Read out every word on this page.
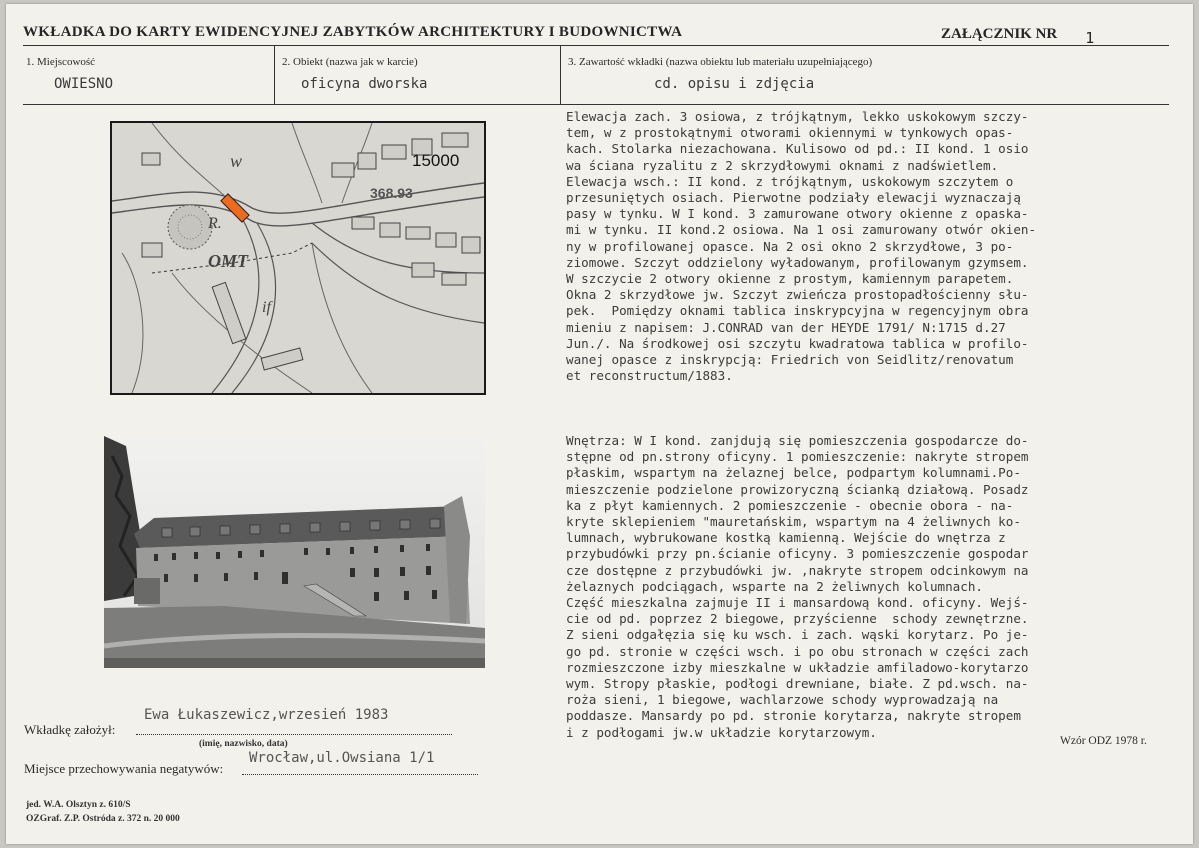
WKŁADKA DO KARTY EWIDENCYJNEJ ZABYTKÓW ARCHITEKTURY I BUDOWNICTWA	ZAŁĄCZNIK NR 1
1. Miejscowość
OWIESNO
2. Obiekt (nazwa jak w karcie)
oficyna dworska
3. Zawartość wkładki (nazwa obiektu lub materiału uzupełniającego)
cd. opisu i zdjęcia
w
R.
OMT
if
15000
368.93
Elewacja zach. 3 osiowa, z trójkątnym, lekko uskokowym szczy-
tem, w z prostokątnymi otworami okiennymi w tynkowych opas-
kach. Stolarka niezachowana. Kulisowo od pd.: II kond. 1 osio
wa ściana ryzalitu z 2 skrzydłowymi oknami z nadświetlem.
Elewacja wsch.: II kond. z trójkątnym, uskokowym szczytem o
przesuniętych osiach. Pierwotne podziały elewacji wyznaczają
pasy w tynku. W I kond. 3 zamurowane otwory okienne z opaska-
mi w tynku. II kond.2 osiowa. Na 1 osi zamurowany otwór okien-
ny w profilowanej opasce. Na 2 osi okno 2 skrzydłowe, 3 po-
ziomowe. Szczyt oddzielony wyładowanym, profilowanym gzymsem.
W szczycie 2 otwory okienne z prostym, kamiennym parapetem.
Okna 2 skrzydłowe jw. Szczyt zwieńcza prostopadłościenny słu-
pek.  Pomiędzy oknami tablica inskrypcyjna w regencyjnym obra
mieniu z napisem: J.CONRAD van der HEYDE 1791/ N:1715 d.27
Jun./. Na środkowej osi szczytu kwadratowa tablica w profilo-
wanej opasce z inskrypcją: Friedrich von Seidlitz/renovatum
et reconstructum/1883.
Wnętrza: W I kond. zanjdują się pomieszczenia gospodarcze do-
stępne od pn.strony oficyny. 1 pomieszczenie: nakryte stropem
płaskim, wspartym na żelaznej belce, podpartym kolumnami.Po-
mieszczenie podzielone prowizoryczną ścianką działową. Posadz
ka z płyt kamiennych. 2 pomieszczenie - obecnie obora - na-
kryte sklepieniem "mauretańskim, wspartym na 4 żeliwnych ko-
lumnach, wybrukowane kostką kamienną. Wejście do wnętrza z
przybudówki przy pn.ścianie oficyny. 3 pomieszczenie gospodar
cze dostępne z przybudówki jw. ,nakryte stropem odcinkowym na
żelaznych podciągach, wsparte na 2 żeliwnych kolumnach.
Część mieszkalna zajmuje II i mansardową kond. oficyny. Wejś-
cie od pd. poprzez 2 biegowe, przyścienne  schody zewnętrzne.
Z sieni odgałęzia się ku wsch. i zach. wąski korytarz. Po je-
go pd. stronie w części wsch. i po obu stronach w części zach
rozmieszczone izby mieszkalne w układzie amfiladowo-korytarzo
wym. Stropy płaskie, podłogi drewniane, białe. Z pd.wsch. na-
roża sieni, 1 biegowe, wachlarzowe schody wyprowadzają na
poddasze. Mansardy po pd. stronie korytarza, nakryte stropem
i z podłogami jw.w układzie korytarzowym.
Wzór ODZ 1978 r.
Wkładkę założył:
Ewa Łukaszewicz,wrzesień 1983
(imię, nazwisko, data)
Miejsce przechowywania negatywów:
Wrocław,ul.Owsiana 1/1
jed. W.A. Olsztyn z. 610/S
OZGraf. Z.P. Ostróda z. 372 n. 20 000
